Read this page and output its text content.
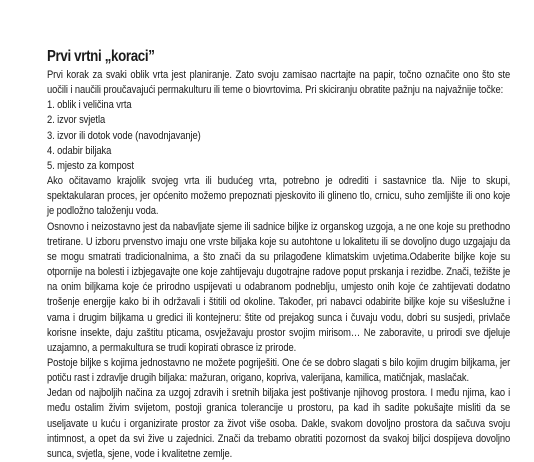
Prvi vrtni „koraci”

Prvi korak za svaki oblik vrta jest planiranje. Zato svoju zamisao nacrtajte na papir, točno označite ono što ste uočili i naučili proučavajući permakulturu ili teme o biovrtovima. Pri skiciranju obratite pažnju na najvažnije točke:

1. oblik i veličina vrta
2. izvor svjetla
3. izvor ili dotok vode (navodnjavanje)
4. odabir biljaka
5. mjesto za kompost

Ako očitavamo krajolik svojeg vrta ili budućeg vrta, potrebno je odrediti i sastavnice tla. Nije to skupi, spektakularan proces, jer općenito možemo prepoznati pjeskovito ili glineno tlo, crnicu, suho zemljište ili ono koje je podložno taloženju voda.

Osnovno i neizostavno jest da nabavljate sjeme ili sadnice biljke iz organskog uzgoja, a ne one koje su prethodno tretirane. U izboru prvenstvo imaju one vrste biljaka koje su autohtone u lokalitetu ili se dovoljno dugo uzgajaju da se mogu smatrati tradicionalnima, a što znači da su prilagođene klimatskim uvjetima.Odaberite biljke koje su otpornije na bolesti i izbjegavajte one koje zahtijevaju dugotrajne radove poput prskanja i rezidbe. Znači, težište je na onim biljkama koje će prirodno uspijevati u odabranom podneblju, umjesto onih koje će zahtijevati dodatno trošenje energije kako bi ih održavali i štitili od okoline. Također, pri nabavci odabirite biljke koje su višeslužne i vama i drugim biljkama u gredici ili kontejneru: štite od prejakog sunca i čuvaju vodu, dobri su susjedi, privlače korisne insekte, daju zaštitu pticama, osvježavaju prostor svojim mirisom… Ne zaboravite, u prirodi sve djeluje uzajamno, a permakultura se trudi kopirati obrasce iz prirode.

Postoje biljke s kojima jednostavno ne možete pogriješiti. One će se dobro slagati s bilo kojim drugim biljkama, jer potiču rast i zdravlje drugih biljaka: mažuran, origano, kopriva, valerijana, kamilica, matičnjak, maslačak.

Jedan od najboljih načina za uzgoj zdravih i sretnih biljaka jest poštivanje njihovog prostora. I među njima, kao i među ostalim živim svijetom, postoji granica tolerancije u prostoru, pa kad ih sadite pokušajte misliti da se useljavate u kuću i organizirate prostor za život više osoba. Dakle, svakom dovoljno prostora da sačuva svoju intimnost, a opet da svi žive u zajednici. Znači da trebamo obratiti pozornost da svakoj biljci dospijeva dovoljno sunca, svjetla, sjene, vode i kvalitetne zemlje.
